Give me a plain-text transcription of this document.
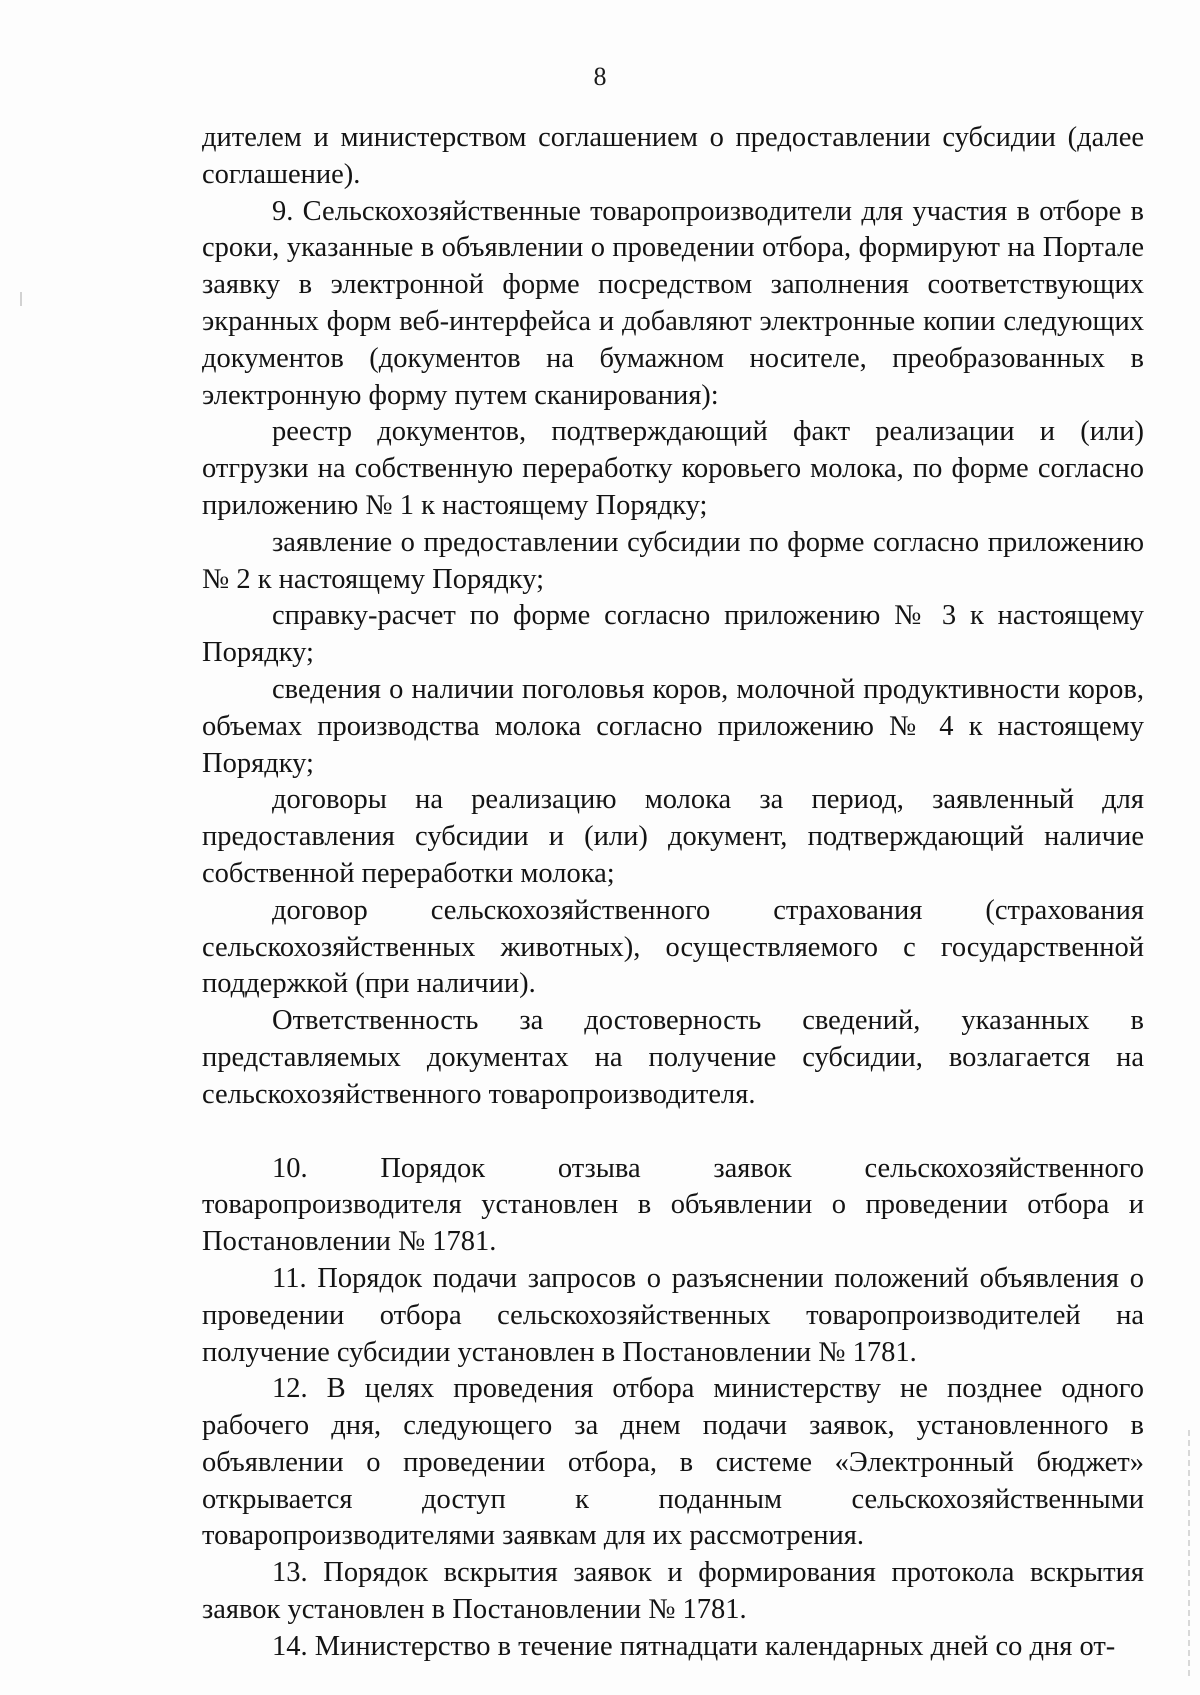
8

дителем и министерством соглашением о предоставлении субсидии (далее соглашение).

9. Сельскохозяйственные товаропроизводители для участия в отборе в сроки, указанные в объявлении о проведении отбора, формируют на Портале заявку в электронной форме посредством заполнения соответствующих экранных форм веб-интерфейса и добавляют электронные копии следующих документов (документов на бумажном носителе, преобразованных в электронную форму путем сканирования):

реестр документов, подтверждающий факт реализации и (или) отгрузки на собственную переработку коровьего молока, по форме согласно приложению № 1 к настоящему Порядку;

заявление о предоставлении субсидии по форме согласно приложению № 2 к настоящему Порядку;

справку-расчет по форме согласно приложению № 3 к настоящему Порядку;

сведения о наличии поголовья коров, молочной продуктивности коров, объемах производства молока согласно приложению № 4 к настоящему Порядку;

договоры на реализацию молока за период, заявленный для предоставления субсидии и (или) документ, подтверждающий наличие собственной переработки молока;

договор сельскохозяйственного страхования (страхования сельскохозяйственных животных), осуществляемого с государственной поддержкой (при наличии).

Ответственность за достоверность сведений, указанных в представляемых документах на получение субсидии, возлагается на сельскохозяйственного товаропроизводителя.

10. Порядок отзыва заявок сельскохозяйственного товаропроизводителя установлен в объявлении о проведении отбора и Постановлении № 1781.

11. Порядок подачи запросов о разъяснении положений объявления о проведении отбора сельскохозяйственных товаропроизводителей на получение субсидии установлен в Постановлении № 1781.

12. В целях проведения отбора министерству не позднее одного рабочего дня, следующего за днем подачи заявок, установленного в объявлении о проведении отбора, в системе «Электронный бюджет» открывается доступ к поданным сельскохозяйственными товаропроизводителями заявкам для их рассмотрения.

13. Порядок вскрытия заявок и формирования протокола вскрытия заявок установлен в Постановлении № 1781.

14. Министерство в течение пятнадцати календарных дней со дня от-
